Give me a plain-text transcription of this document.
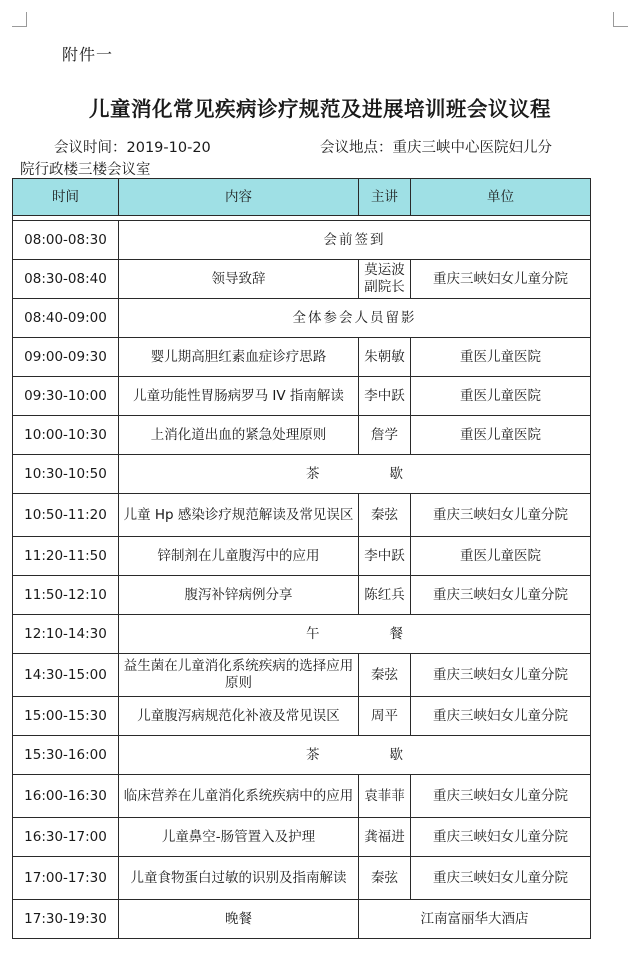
附件一
儿童消化常见疾病诊疗规范及进展培训班会议议程
会议时间：2019-10-20	会议地点：重庆三峡中心医院妇儿分
院行政楼三楼会议室
时间	内容	主讲	单位

08:00-08:30	会前签到		
08:30-08:40	领导致辞	莫运波副院长	重庆三峡妇女儿童分院
08:40-09:00	全体参会人员留影		
09:00-09:30	婴儿期高胆红素血症诊疗思路	朱朝敏	重医儿童医院
09:30-10:00	儿童功能性胃肠病罗马 IV 指南解读	李中跃	重医儿童医院
10:00-10:30	上消化道出血的紧急处理原则	詹学	重医儿童医院
10:30-10:50	茶 歇		
10:50-11:20	儿童 Hp 感染诊疗规范解读及常见误区	秦弦	重庆三峡妇女儿童分院
11:20-11:50	锌制剂在儿童腹泻中的应用	李中跃	重医儿童医院
11:50-12:10	腹泻补锌病例分享	陈红兵	重庆三峡妇女儿童分院
12:10-14:30	午 餐		
14:30-15:00	益生菌在儿童消化系统疾病的选择应用原则	秦弦	重庆三峡妇女儿童分院
15:00-15:30	儿童腹泻病规范化补液及常见误区	周平	重庆三峡妇女儿童分院
15:30-16:00	茶 歇		
16:00-16:30	临床营养在儿童消化系统疾病中的应用	袁菲菲	重庆三峡妇女儿童分院
16:30-17:00	儿童鼻空-肠管置入及护理	龚福进	重庆三峡妇女儿童分院
17:00-17:30	儿童食物蛋白过敏的识别及指南解读	秦弦	重庆三峡妇女儿童分院
17:30-19:30	晚餐	江南富丽华大酒店	
